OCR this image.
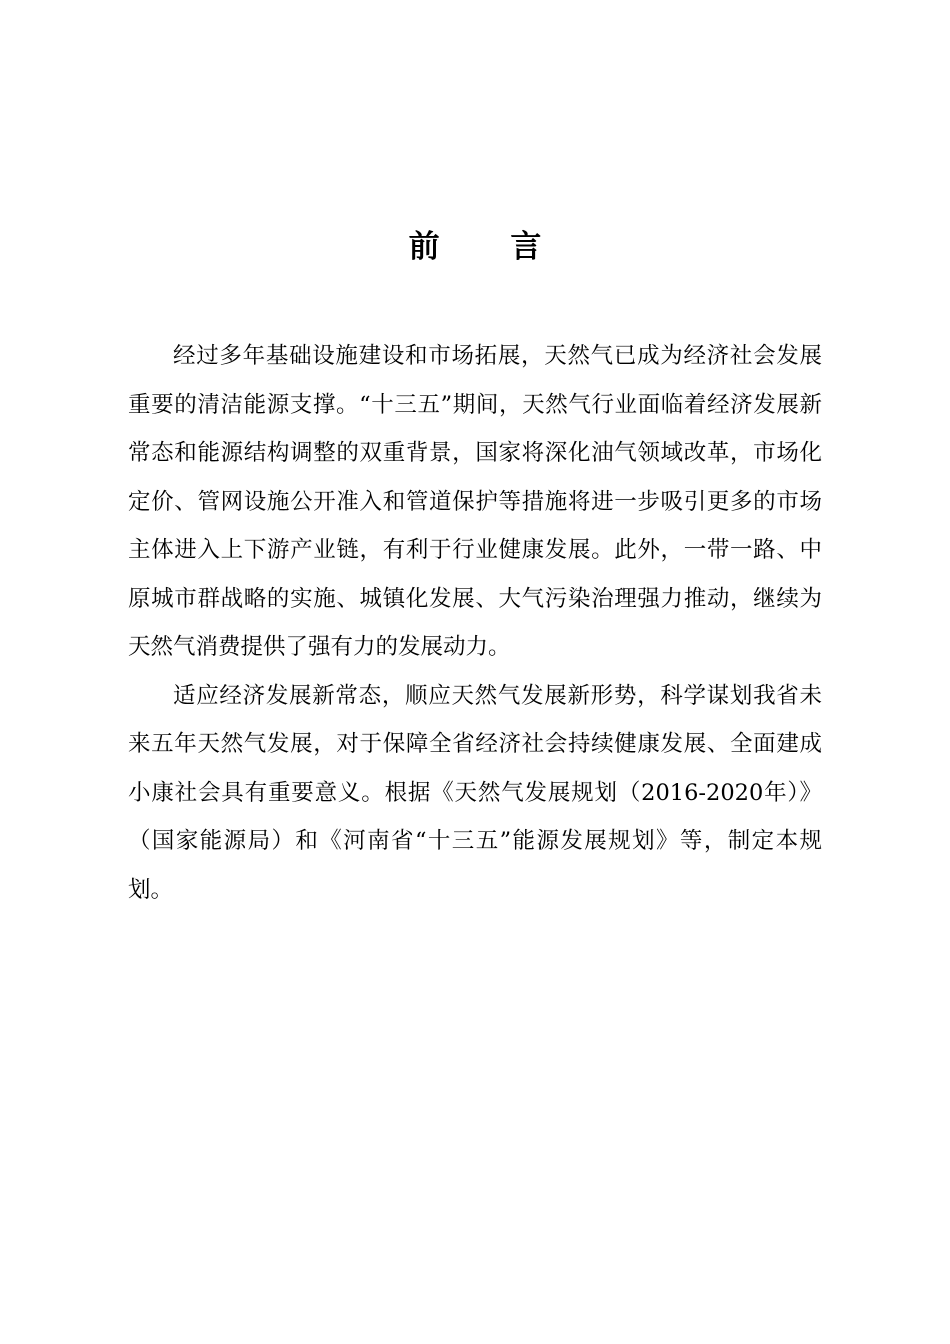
前 言

经过多年基础设施建设和市场拓展，天然气已成为经济社会发展重要的清洁能源支撑。“十三五”期间，天然气行业面临着经济发展新常态和能源结构调整的双重背景，国家将深化油气领域改革，市场化定价、管网设施公开准入和管道保护等措施将进一步吸引更多的市场主体进入上下游产业链，有利于行业健康发展。此外，一带一路、中原城市群战略的实施、城镇化发展、大气污染治理强力推动，继续为天然气消费提供了强有力的发展动力。

适应经济发展新常态，顺应天然气发展新形势，科学谋划我省未来五年天然气发展，对于保障全省经济社会持续健康发展、全面建成小康社会具有重要意义。根据《天然气发展规划（2016-2020年）》（国家能源局）和《河南省“十三五”能源发展规划》等，制定本规划。
